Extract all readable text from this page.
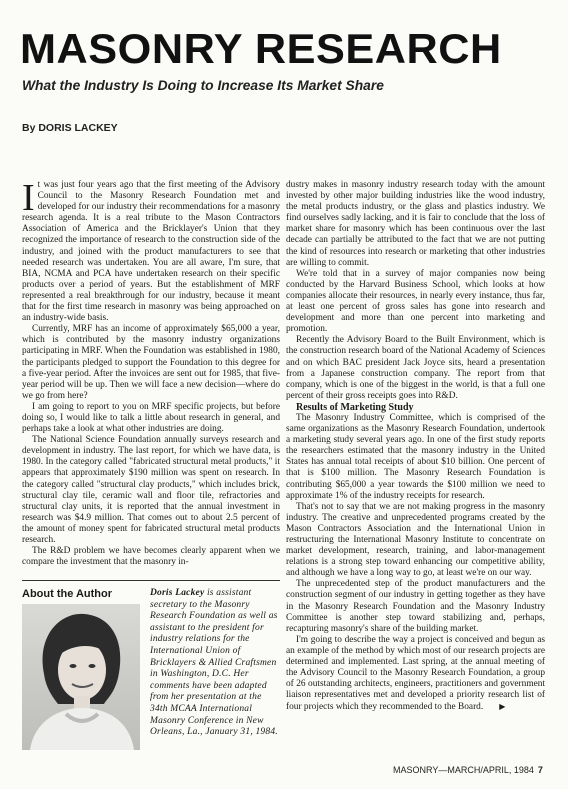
MASONRY RESEARCH
What the Industry Is Doing to Increase Its Market Share
By DORIS LACKEY

It was just four years ago that the first meeting of the Advisory Council to the Masonry Research Foundation met and developed for our industry their recommendations for a masonry research agenda. It is a real tribute to the Mason Contractors Association of America and the Bricklayer's Union that they recognized the importance of research to the construction side of the industry, and joined with the product manufacturers to see that needed research was undertaken. You are all aware, I'm sure, that BIA, NCMA and PCA have undertaken research on their specific products over a period of years. But the establishment of MRF represented a real breakthrough for our industry, because it meant that for the first time research in masonry was being approached on an industry-wide basis.

Currently, MRF has an income of approximately $65,000 a year, which is contributed by the masonry industry organizations participating in MRF. When the Foundation was established in 1980, the participants pledged to support the Foundation to this degree for a five-year period. After the invoices are sent out for 1985, that five-year period will be up. Then we will face a new decision—where do we go from here?

I am going to report to you on MRF specific projects, but before doing so, I would like to talk a little about research in general, and perhaps take a look at what other industries are doing.

The National Science Foundation annually surveys research and development in industry. The last report, for which we have data, is 1980. In the category called "fabricated structural metal products," it appears that approximately $190 million was spent on research. In the category called "structural clay products," which includes brick, structural clay tile, ceramic wall and floor tile, refractories and structural clay units, it is reported that the annual investment in research was $4.9 million. That comes out to about 2.5 percent of the amount of money spent for fabricated structural metal products research.

The R&D problem we have becomes clearly apparent when we compare the investment that the masonry in-

dustry makes in masonry industry research today with the amount invested by other major building industries like the wood industry, the metal products industry, or the glass and plastics industry. We find ourselves sadly lacking, and it is fair to conclude that the loss of market share for masonry which has been continuous over the last decade can partially be attributed to the fact that we are not putting the kind of resources into research or marketing that other industries are willing to commit.

We're told that in a survey of major companies now being conducted by the Harvard Business School, which looks at how companies allocate their resources, in nearly every instance, thus far, at least one percent of gross sales has gone into research and development and more than one percent into marketing and promotion.

Recently the Advisory Board to the Built Environment, which is the construction research board of the National Academy of Sciences and on which BAC president Jack Joyce sits, heard a presentation from a Japanese construction company. The report from that company, which is one of the biggest in the world, is that a full one percent of their gross receipts goes into R&D.

Results of Marketing Study

The Masonry Industry Committee, which is comprised of the same organizations as the Masonry Research Foundation, undertook a marketing study several years ago. In one of the first study reports the researchers estimated that the masonry industry in the United States has annual total receipts of about $10 billion. One percent of that is $100 million. The Masonry Research Foundation is contributing $65,000 a year towards the $100 million we need to approximate 1% of the industry receipts for research.

That's not to say that we are not making progress in the masonry industry. The creative and unprecedented programs created by the Mason Contractors Association and the International Union in restructuring the International Masonry Institute to concentrate on market development, research, training, and labor-management relations is a strong step toward enhancing our competitive ability, and although we have a long way to go, at least we're on our way.

The unprecedented step of the product manufacturers and the construction segment of our industry in getting together as they have in the Masonry Research Foundation and the Masonry Industry Committee is another step toward stabilizing and, perhaps, recapturing masonry's share of the building market.

I'm going to describe the way a project is conceived and begun as an example of the method by which most of our research projects are determined and implemented. Last spring, at the annual meeting of the Advisory Council to the Masonry Research Foundation, a group of 26 outstanding architects, engineers, practitioners and government liaison representatives met and developed a priority research list of four projects which they recommended to the Board. ▶

About the Author	Doris Lackey is assistant secretary to the Masonry Research Foundation as well as assistant to the president for industry relations for the International Union of Bricklayers & Allied Craftsmen in Washington, D.C. Her comments have been adapted from her presentation at the 34th MCAA International Masonry Conference in New Orleans, La., January 31, 1984.
MASONRY—MARCH/APRIL, 1984 7
